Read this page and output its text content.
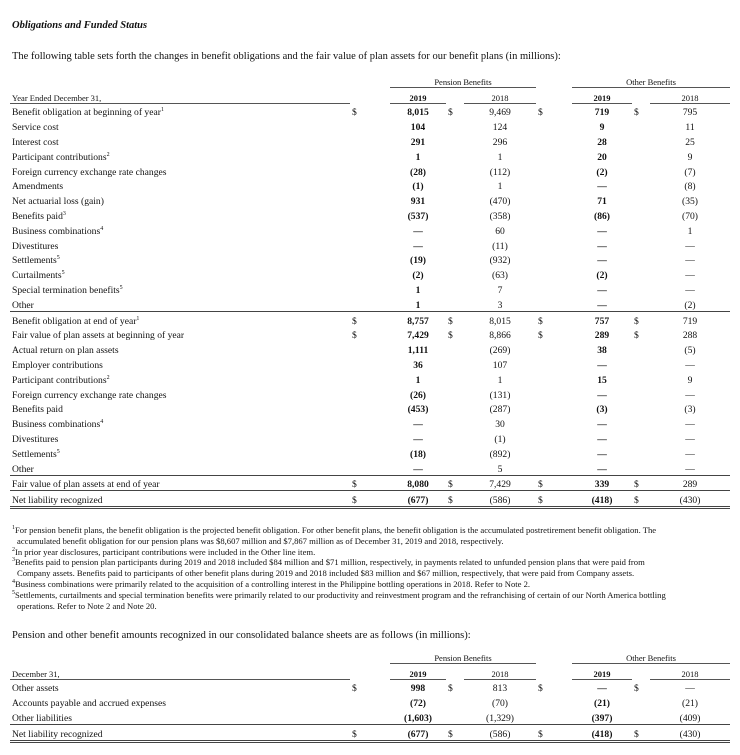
Obligations and Funded Status
The following table sets forth the changes in benefit obligations and the fair value of plan assets for our benefit plans (in millions):
		Pension Benefits				Other Benefits		
Year Ended December 31,		2019		2018		2019		2018
Benefit obligation at beginning of year$^1$	$	8,015	$	9,469	$	719	$	795
Service cost		104		124		9		11
Interest cost		291		296		28		25
Participant contributions$^2$		1		1		20		9
Foreign currency exchange rate changes		(28)		(112)		(2)		(7)
Amendments		(1)		1		—		(8)
Net actuarial loss (gain)		931		(470)		71		(35)
Benefits paid$^3$		(537)		(358)		(86)		(70)
Business combinations$^4$		—		60		—		1
Divestitures		—		(11)		—		—
Settlements$^5$		(19)		(932)		—		—
Curtailments$^5$		(2)		(63)		(2)		—
Special termination benefits$^5$		1		7		—		—
Other		1		3		—		(2)
Benefit obligation at end of year$^1$	$	8,757	$	8,015	$	757	$	719
Fair value of plan assets at beginning of year	$	7,429	$	8,866	$	289	$	288
Actual return on plan assets		1,111		(269)		38		(5)
Employer contributions		36		107		—		—
Participant contributions$^2$		1		1		15		9
Foreign currency exchange rate changes		(26)		(131)		—		—
Benefits paid		(453)		(287)		(3)		(3)
Business combinations$^4$		—		30		—		—
Divestitures		—		(1)		—		—
Settlements$^5$		(18)		(892)		—		—
Other		—		5		—		—
Fair value of plan assets at end of year	$	8,080	$	7,429	$	339	$	289
Net liability recognized	$	(677)	$	(586)	$	(418)	$	(430)
$^1$For pension benefit plans, the benefit obligation is the projected benefit obligation. For other benefit plans, the benefit obligation is the accumulated postretirement benefit obligation. The
accumulated benefit obligation for our pension plans was $8,607 million and $7,867 million as of December 31, 2019 and 2018, respectively.
$^2$In prior year disclosures, participant contributions were included in the Other line item.
$^3$Benefits paid to pension plan participants during 2019 and 2018 included $84 million and $71 million, respectively, in payments related to unfunded pension plans that were paid from
Company assets. Benefits paid to participants of other benefit plans during 2019 and 2018 included $83 million and $67 million, respectively, that were paid from Company assets.
$^4$Business combinations were primarily related to the acquisition of a controlling interest in the Philippine bottling operations in 2018. Refer to Note 2.
$^5$Settlements, curtailments and special termination benefits were primarily related to our productivity and reinvestment program and the refranchising of certain of our North America bottling
operations. Refer to Note 2 and Note 20.
Pension and other benefit amounts recognized in our consolidated balance sheets are as follows (in millions):
		Pension Benefits				Other Benefits		
December 31,		2019		2018		2019		2018
Other assets	$	998	$	813	$	—	$	—
Accounts payable and accrued expenses		(72)		(70)		(21)		(21)
Other liabilities		(1,603)		(1,329)		(397)		(409)
Net liability recognized	$	(677)	$	(586)	$	(418)	$	(430)
